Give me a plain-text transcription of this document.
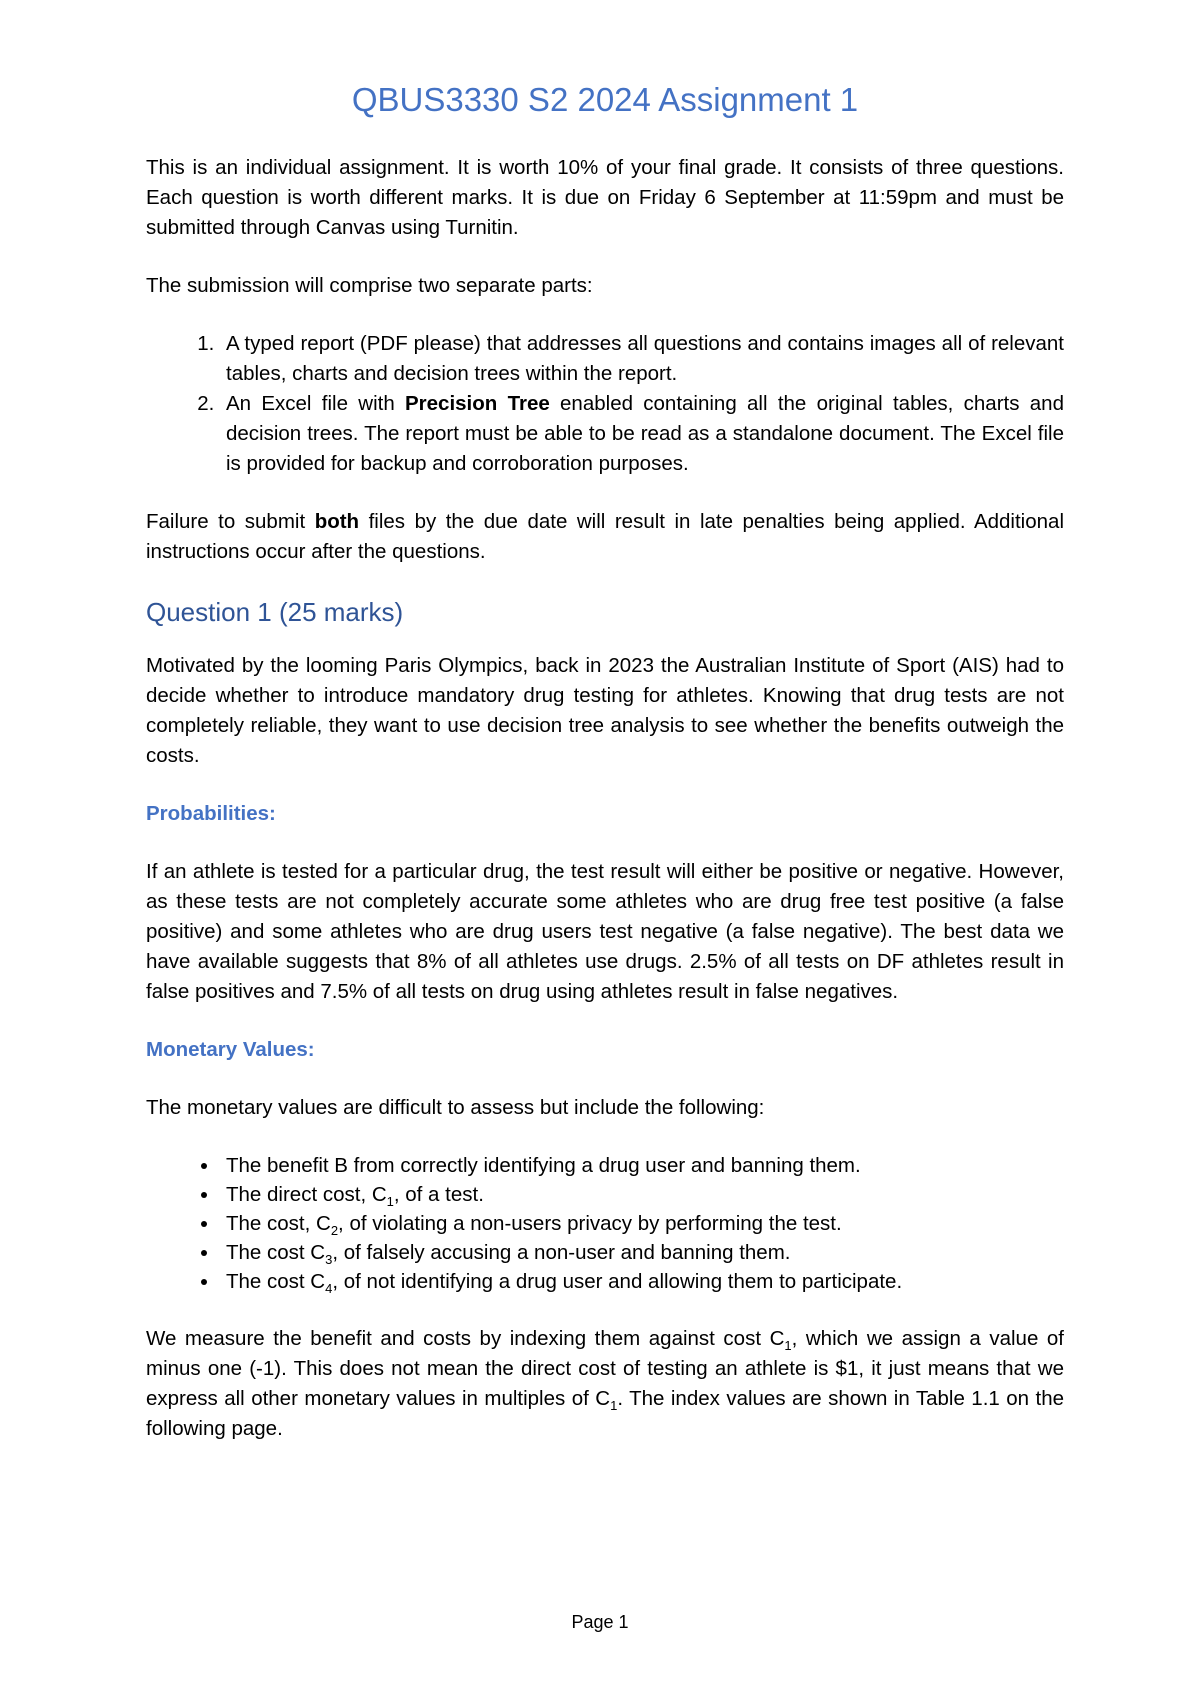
QBUS3330 S2 2024 Assignment 1

This is an individual assignment. It is worth 10% of your final grade. It consists of three questions. Each question is worth different marks. It is due on Friday 6 September at 11:59pm and must be submitted through Canvas using Turnitin.

The submission will comprise two separate parts:

1. A typed report (PDF please) that addresses all questions and contains images all of relevant tables, charts and decision trees within the report.
2. An Excel file with Precision Tree enabled containing all the original tables, charts and decision trees. The report must be able to be read as a standalone document. The Excel file is provided for backup and corroboration purposes.

Failure to submit both files by the due date will result in late penalties being applied. Additional instructions occur after the questions.

Question 1 (25 marks)

Motivated by the looming Paris Olympics, back in 2023 the Australian Institute of Sport (AIS) had to decide whether to introduce mandatory drug testing for athletes. Knowing that drug tests are not completely reliable, they want to use decision tree analysis to see whether the benefits outweigh the costs.

Probabilities:

If an athlete is tested for a particular drug, the test result will either be positive or negative. However, as these tests are not completely accurate some athletes who are drug free test positive (a false positive) and some athletes who are drug users test negative (a false negative). The best data we have available suggests that 8% of all athletes use drugs. 2.5% of all tests on DF athletes result in false positives and 7.5% of all tests on drug using athletes result in false negatives.

Monetary Values:

The monetary values are difficult to assess but include the following:

• The benefit B from correctly identifying a drug user and banning them.
• The direct cost, $C_1$, of a test.
• The cost, $C_2$, of violating a non-users privacy by performing the test.
• The cost $C_3$, of falsely accusing a non-user and banning them.
• The cost $C_4$, of not identifying a drug user and allowing them to participate.

We measure the benefit and costs by indexing them against cost $C_1$, which we assign a value of minus one (-1). This does not mean the direct cost of testing an athlete is $1, it just means that we express all other monetary values in multiples of $C_1$. The index values are shown in Table 1.1 on the following page.

Page 1
